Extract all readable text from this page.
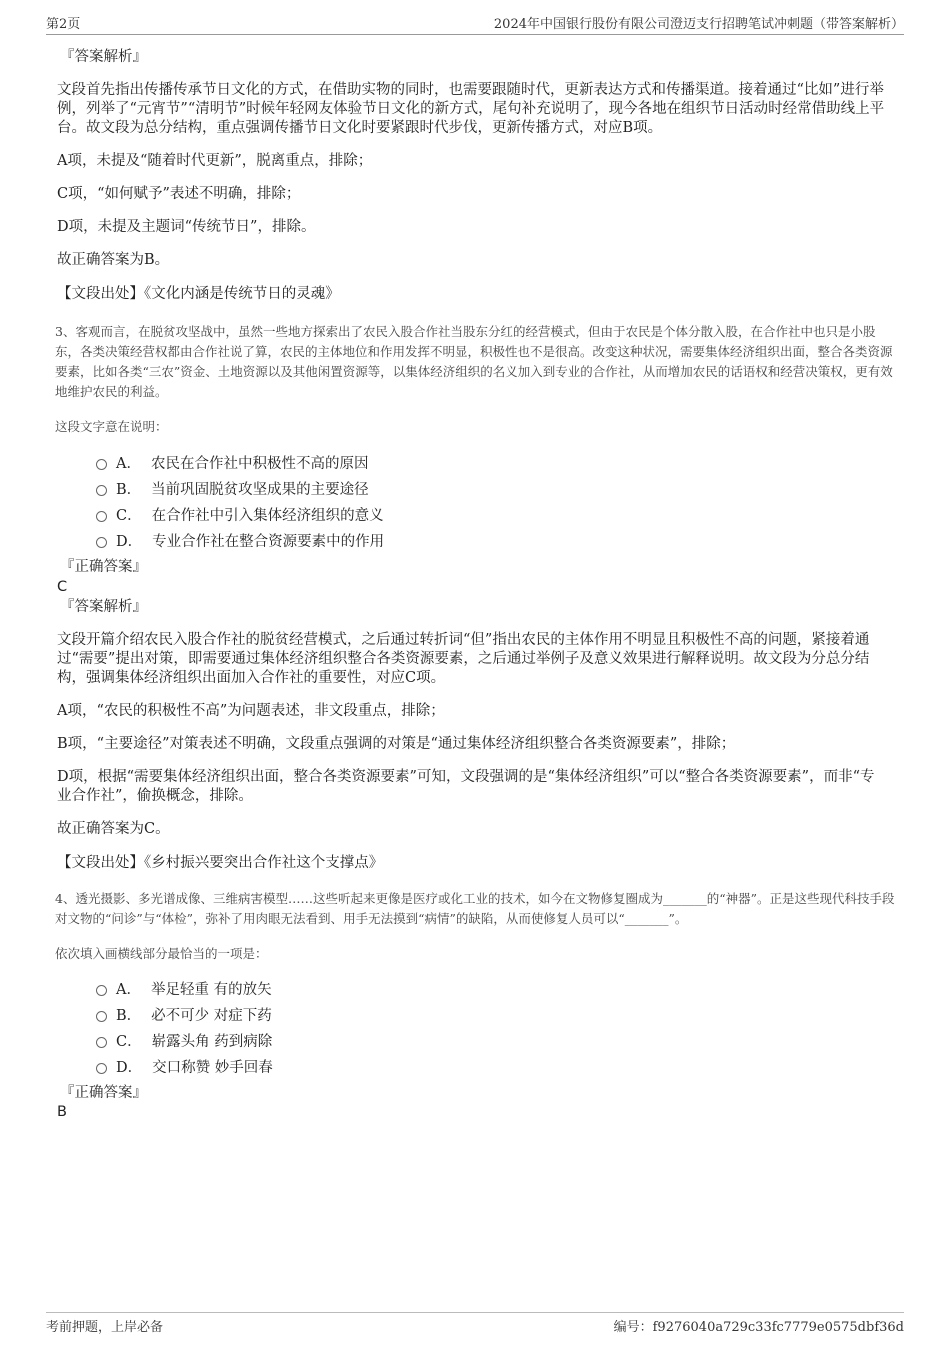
第2页	2024年中国银行股份有限公司澄迈支行招聘笔试冲刺题（带答案解析）
『答案解析』
文段首先指出传播传承节日文化的方式，在借助实物的同时，也需要跟随时代，更新表达方式和传播渠道。接着通过“比如”进行举例，列举了“元宵节”“清明节”时候年轻网友体验节日文化的新方式，尾句补充说明了，现今各地在组织节日活动时经常借助线上平台。故文段为总分结构，重点强调传播节日文化时要紧跟时代步伐，更新传播方式，对应B项。
A项，未提及“随着时代更新”，脱离重点，排除；
C项，“如何赋予”表述不明确，排除；
D项，未提及主题词“传统节日”，排除。
故正确答案为B。
【文段出处】《文化内涵是传统节日的灵魂》
3、客观而言，在脱贫攻坚战中，虽然一些地方探索出了农民入股合作社当股东分红的经营模式，但由于农民是个体分散入股，在合作社中也只是小股东，各类决策经营权都由合作社说了算，农民的主体地位和作用发挥不明显，积极性也不是很高。改变这种状况，需要集体经济组织出面，整合各类资源要素，比如各类“三农”资金、土地资源以及其他闲置资源等，以集体经济组织的名义加入到专业的合作社，从而增加农民的话语权和经营决策权，更有效地维护农民的利益。
这段文字意在说明：
A． 农民在合作社中积极性不高的原因
B． 当前巩固脱贫攻坚成果的主要途径
C． 在合作社中引入集体经济组织的意义
D． 专业合作社在整合资源要素中的作用
『正确答案』
C
『答案解析』
文段开篇介绍农民入股合作社的脱贫经营模式，之后通过转折词“但”指出农民的主体作用不明显且积极性不高的问题，紧接着通过“需要”提出对策，即需要通过集体经济组织整合各类资源要素，之后通过举例子及意义效果进行解释说明。故文段为分总分结构，强调集体经济组织出面加入合作社的重要性，对应C项。
A项，“农民的积极性不高”为问题表述，非文段重点，排除；
B项，“主要途径”对策表述不明确，文段重点强调的对策是“通过集体经济组织整合各类资源要素”，排除；
D项，根据“需要集体经济组织出面，整合各类资源要素”可知，文段强调的是“集体经济组织”可以“整合各类资源要素”，而非“专业合作社”，偷换概念，排除。
故正确答案为C。
【文段出处】《乡村振兴要突出合作社这个支撑点》
4、透光摄影、多光谱成像、三维病害模型……这些听起来更像是医疗或化工业的技术，如今在文物修复圈成为_______的“神器”。正是这些现代科技手段对文物的“问诊”与“体检”，弥补了用肉眼无法看到、用手无法摸到“病情”的缺陷，从而使修复人员可以“_______”。
依次填入画横线部分最恰当的一项是：
A． 举足轻重 有的放矢
B． 必不可少 对症下药
C． 崭露头角 药到病除
D． 交口称赞 妙手回春
『正确答案』
B
考前押题，上岸必备	编号：f9276040a729c33fc7779e0575dbf36d
